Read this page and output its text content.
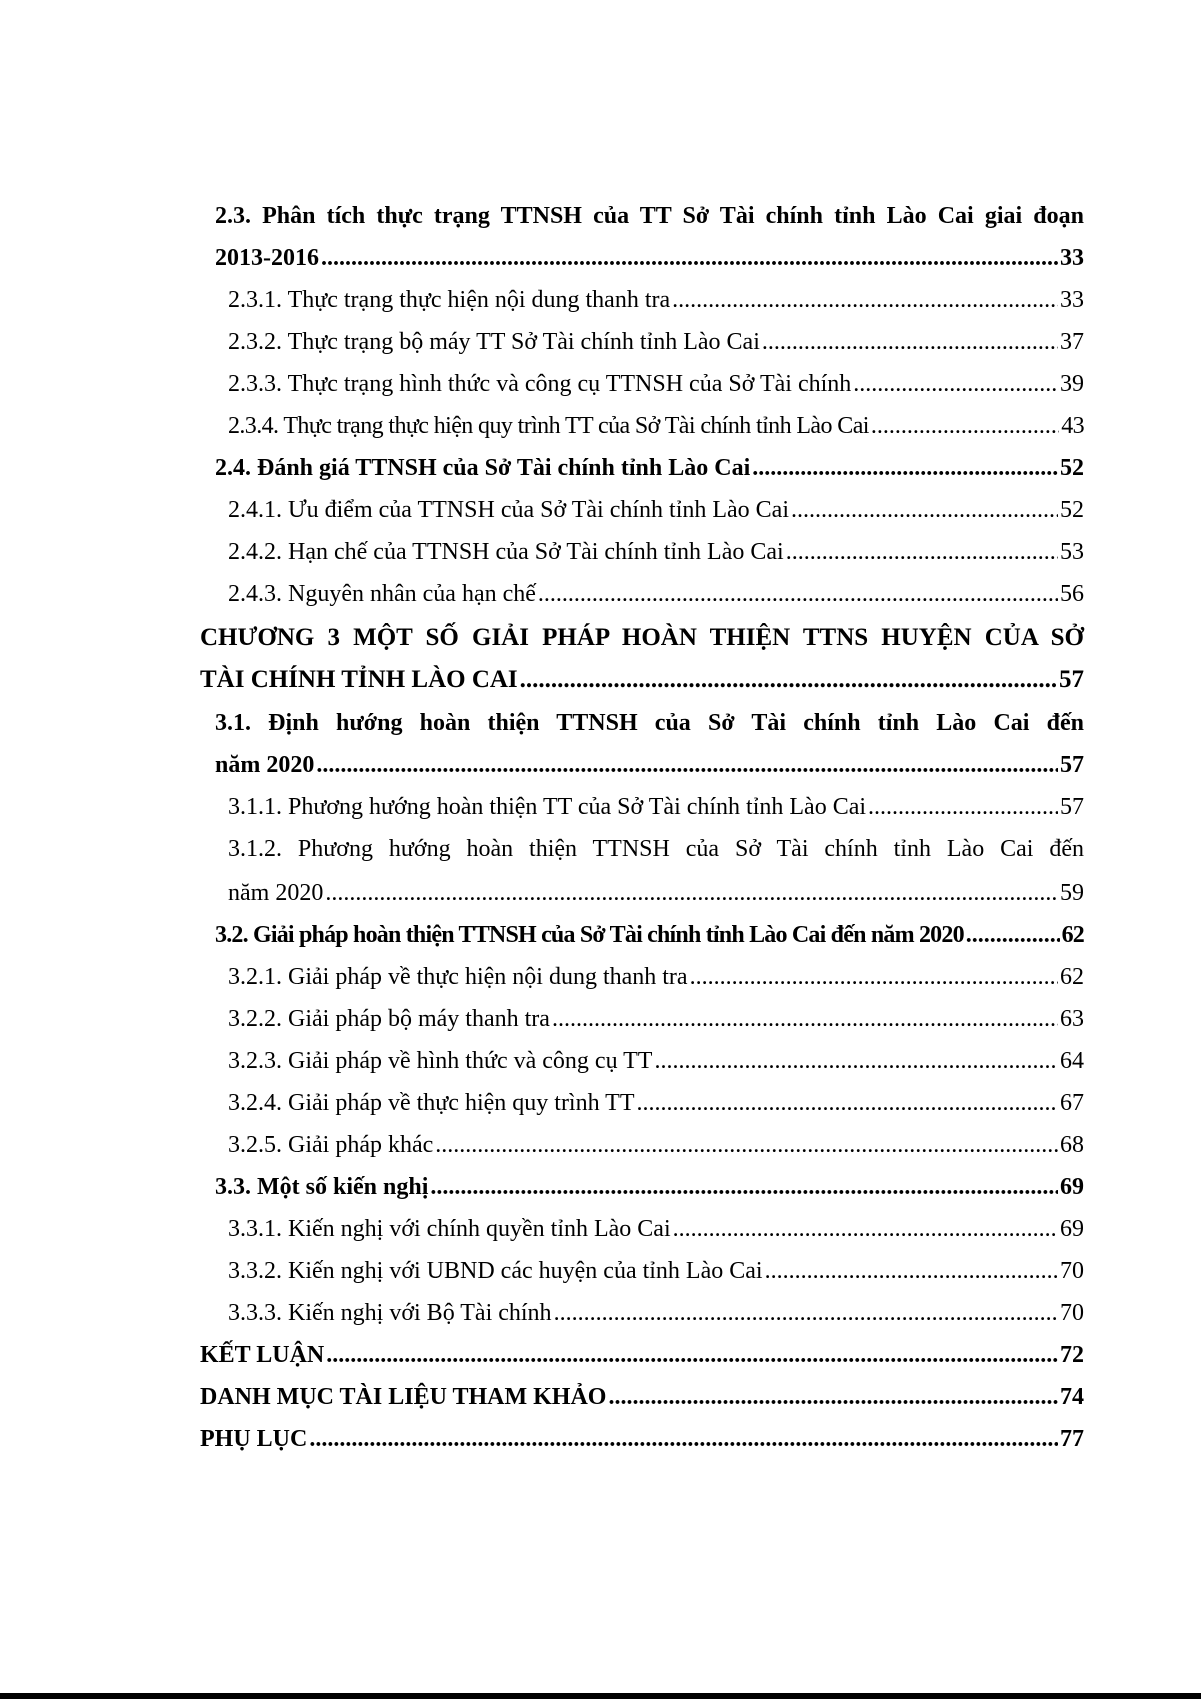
2.3. Phân tích thực trạng TTNSH của TT Sở Tài chính tỉnh Lào Cai giai đoạn
2013-2016 .....	33
2.3.1. Thực trạng thực hiện nội dung thanh tra .....	33
2.3.2. Thực trạng bộ máy TT Sở Tài chính tỉnh Lào Cai .....	37
2.3.3. Thực trạng hình thức và công cụ TTNSH của Sở Tài chính .....	39
2.3.4. Thực trạng thực hiện quy trình TT của Sở Tài chính tỉnh Lào Cai .....	43
2.4. Đánh giá TTNSH của Sở Tài chính tỉnh Lào Cai .....	52
2.4.1. Ưu điểm của TTNSH của Sở Tài chính tỉnh Lào Cai .....	52
2.4.2. Hạn chế của TTNSH của Sở Tài chính tỉnh Lào Cai .....	53
2.4.3. Nguyên nhân của hạn chế .....	56
CHƯƠNG 3 MỘT SỐ GIẢI PHÁP HOÀN THIỆN TTNS HUYỆN CỦA SỞ
TÀI CHÍNH TỈNH LÀO CAI .....	57
3.1. Định hướng hoàn thiện TTNSH của Sở Tài chính tỉnh Lào Cai đến
năm 2020 .....	57
3.1.1. Phương hướng hoàn thiện TT của Sở Tài chính tỉnh Lào Cai .....	57
3.1.2. Phương hướng hoàn thiện TTNSH của Sở Tài chính tỉnh Lào Cai đến
năm 2020 .....	59
3.2. Giải pháp hoàn thiện TTNSH của Sở Tài chính tỉnh Lào Cai đến năm 2020 .....	62
3.2.1. Giải pháp về thực hiện nội dung thanh tra .....	62
3.2.2. Giải pháp bộ máy thanh tra .....	63
3.2.3. Giải pháp về hình thức và công cụ TT .....	64
3.2.4. Giải pháp về thực hiện quy trình TT .....	67
3.2.5. Giải pháp khác .....	68
3.3. Một số kiến nghị .....	69
3.3.1. Kiến nghị với chính quyền tỉnh Lào Cai .....	69
3.3.2. Kiến nghị với UBND các huyện của tỉnh Lào Cai .....	70
3.3.3. Kiến nghị với Bộ Tài chính .....	70
KẾT LUẬN .....	72
DANH MỤC TÀI LIỆU THAM KHẢO .....	74
PHỤ LỤC .....	77
